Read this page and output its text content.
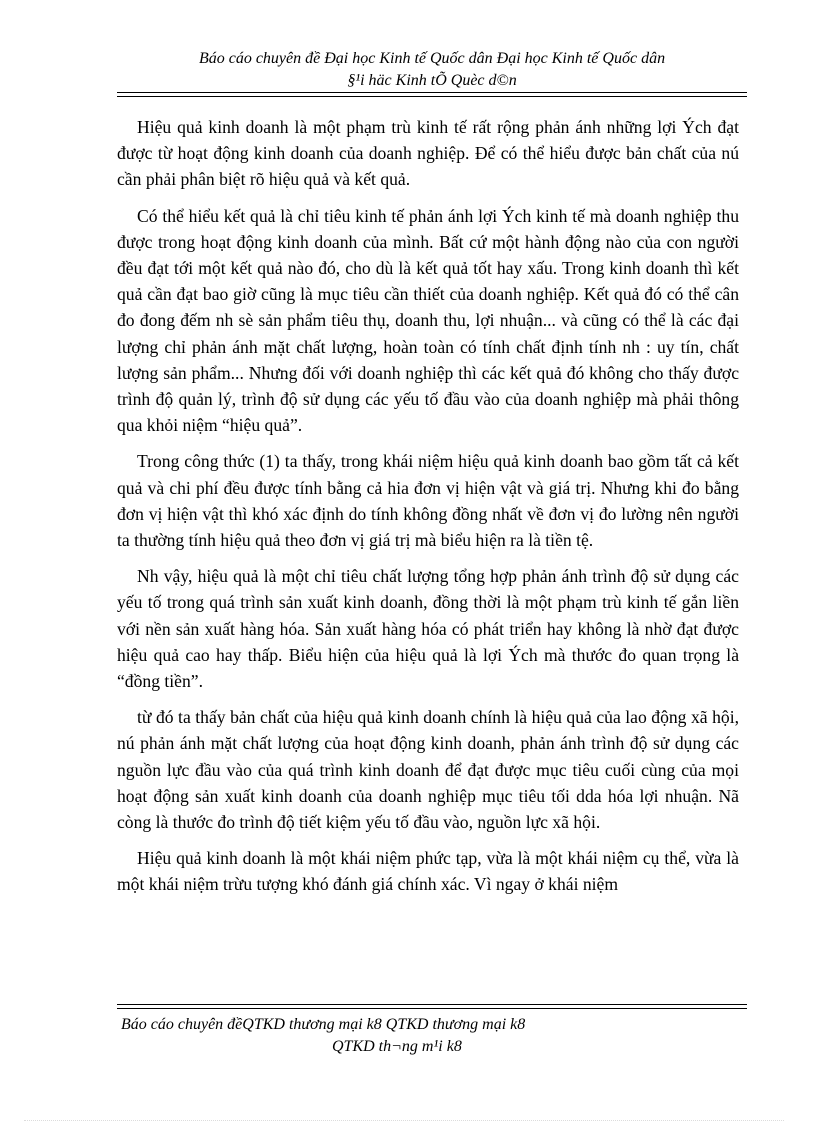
Báo cáo chuyên đề Đại học Kinh tế Quốc dân Đại học Kinh tế Quốc dân
§¹i häc Kinh tÕ Quèc d©n

Hiệu quả kinh doanh là một phạm trù kinh tế rất rộng phản ánh những lợi Ých đạt được từ hoạt động kinh doanh của doanh nghiệp. Để có thể hiểu được bản chất của nú cần phải phân biệt rõ hiệu quả và kết quả.

Có thể hiểu kết quả là chỉ tiêu kinh tế phản ánh lợi Ých kinh tế mà doanh nghiệp thu được trong hoạt động kinh doanh của mình. Bất cứ một hành động nào của con người đều đạt tới một kết quả nào đó, cho dù là kết quả tốt hay xấu. Trong kinh doanh thì kết quả cần đạt bao giờ cũng là mục tiêu cần thiết của doanh nghiệp. Kết quả đó có thể cân đo đong đếm nh sè sản phẩm tiêu thụ, doanh thu, lợi nhuận... và cũng có thể là các đại lượng chỉ phản ánh mặt chất lượng, hoàn toàn có tính chất định tính nh : uy tín, chất lượng sản phẩm... Nhưng đối với doanh nghiệp thì các kết quả đó không cho thấy được trình độ quản lý, trình độ sử dụng các yếu tố đầu vào của doanh nghiệp mà phải thông qua khỏi niệm “hiệu quả”.

Trong công thức (1) ta thấy, trong khái niệm hiệu quả kinh doanh bao gồm tất cả kết quả và chi phí đều được tính bằng cả hia đơn vị hiện vật và giá trị. Nhưng khi đo bằng đơn vị hiện vật thì khó xác định do tính không đồng nhất về đơn vị đo lường nên người ta thường tính hiệu quả theo đơn vị giá trị mà biểu hiện ra là tiền tệ.

Nh vậy, hiệu quả là một chỉ tiêu chất lượng tổng hợp phản ánh trình độ sử dụng các yếu tố trong quá trình sản xuất kinh doanh, đồng thời là một phạm trù kinh tế gắn liền với nền sản xuất hàng hóa. Sản xuất hàng hóa có phát triển hay không là nhờ đạt được hiệu quả cao hay thấp. Biểu hiện của hiệu quả là lợi Ých mà thước đo quan trọng là “đồng tiền”.

từ đó ta thấy bản chất của hiệu quả kinh doanh chính là hiệu quả của lao động xã hội, nú phản ánh mặt chất lượng của hoạt động kinh doanh, phản ánh trình độ sử dụng các nguồn lực đầu vào của quá trình kinh doanh để đạt được mục tiêu cuối cùng của mọi hoạt động sản xuất kinh doanh của doanh nghiệp mục tiêu tối dda hóa lợi nhuận. Nã còng là thước đo trình độ tiết kiệm yếu tố đầu vào, nguồn lực xã hội.

Hiệu quả kinh doanh là một khái niệm phức tạp, vừa là một khái niệm cụ thể, vừa là một khái niệm trừu tượng khó đánh giá chính xác. Vì ngay ở khái niệm

Báo cáo chuyên đềQTKD thương mại k8 QTKD thương mại k8
QTKD th¬ng m¹i k8
